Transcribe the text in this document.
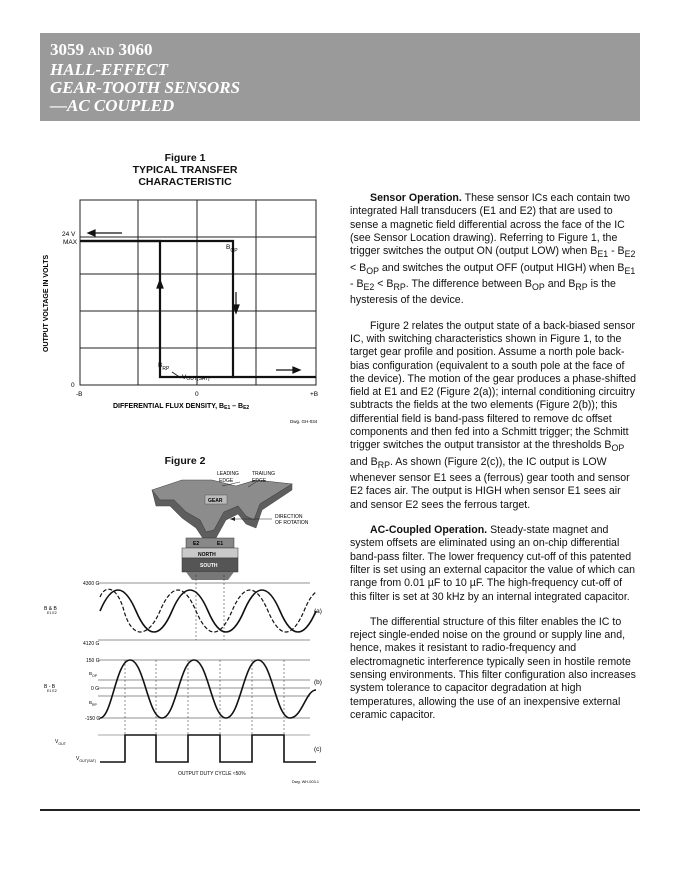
3059 AND 3060
HALL-EFFECT
GEAR-TOOTH SENSORS
—AC COUPLED
Figure 1
TYPICAL TRANSFER
CHARACTERISTIC
OUTPUT VOLTAGE IN VOLTS
24 V
MAX
0
-B	0	+B
DIFFERENTIAL FLUX DENSITY, BE1 – BE2
$B_{OP}$
$B_{RP}$
VOUT(SAT)
Dwg. GH-034
Figure 2
GEAR
LEADING
EDGE
TRAILING
EDGE
DIRECTION
OF ROTATION
E2	E1
NORTH
SOUTH
4300 G
4120 G
B & B
E1 E2	(a)
150 G
0 G
-150 G
$B_{OP}$
$B_{RP}$
B - B
E1 E2
(b)
$V_{OUT}$
$V_{OUT(SAT)}$
(c)
OUTPUT DUTY CYCLE ≈50%
Dwg. WH-003-1

Sensor Operation. These sensor ICs each contain two integrated Hall transducers (E1 and E2) that are used to sense a magnetic field differential across the face of the IC (see Sensor Location drawing). Referring to Figure 1, the trigger switches the output ON (output LOW) when $B_{E1} - B_{E2} < B_{OP}$ and switches the output OFF (output HIGH) when $B_{E1} - B_{E2} < B_{RP}$. The difference between $B_{OP}$ and $B_{RP}$ is the hysteresis of the device.

Figure 2 relates the output state of a back-biased sensor IC, with switching characteristics shown in Figure 1, to the target gear profile and position. Assume a north pole back-bias configuration (equivalent to a south pole at the face of the device). The motion of the gear produces a phase-shifted field at E1 and E2 (Figure 2(a)); internal conditioning circuitry subtracts the fields at the two elements (Figure 2(b)); this differential field is band-pass filtered to remove dc offset components and then fed into a Schmitt trigger; the Schmitt trigger switches the output transistor at the thresholds $B_{OP}$ and $B_{RP}$. As shown (Figure 2(c)), the IC output is LOW whenever sensor E1 sees a (ferrous) gear tooth and sensor E2 faces air. The output is HIGH when sensor E1 sees air and sensor E2 sees the ferrous target.

AC-Coupled Operation. Steady-state magnet and system offsets are eliminated using an on-chip differential band-pass filter. The lower frequency cut-off of this patented filter is set using an external capacitor the value of which can range from 0.01 µF to 10 µF. The high-frequency cut-off of this filter is set at 30 kHz by an internal integrated capacitor.

The differential structure of this filter enables the IC to reject single-ended noise on the ground or supply line and, hence, makes it resistant to radio-frequency and electromagnetic interference typically seen in hostile remote sensing environments. This filter configuration also increases system tolerance to capacitor degradation at high temperatures, allowing the use of an inexpensive external ceramic capacitor.
